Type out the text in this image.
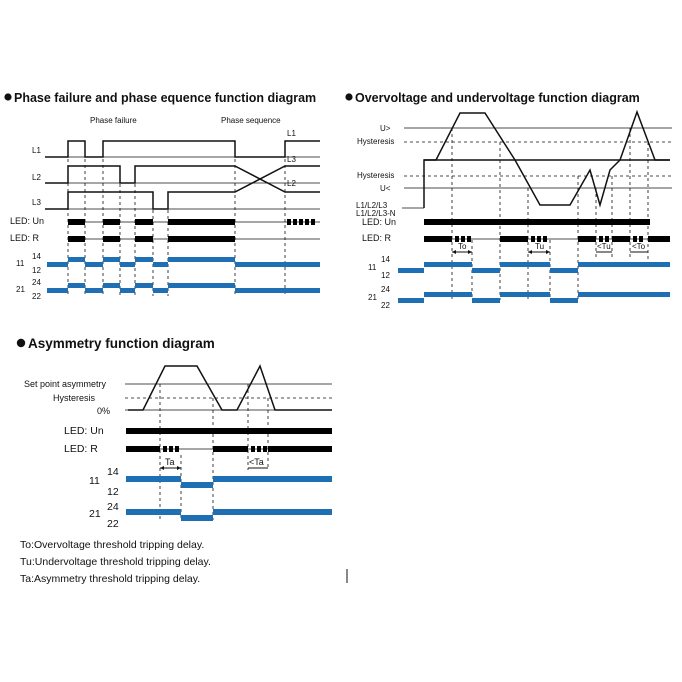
Phase failure and phase equence function diagram
Phase failure	Phase sequence
L1
L2
L3
L1
L3
L2
LED: Un
LED: R
14
11
12
24
21
22
Overvoltage and undervoltage function diagram
U>
Hysteresis
Hysteresis
U<
L1/L2/L3
L1/L2/L3-N
LED: Un
LED: R
To	Tu	<Tu	<To
14
11
12
24
21
22
Asymmetry function diagram
Set point asymmetry
Hysteresis
0%
LED: Un
LED: R
Ta	<Ta
14
11
12
24
21
22
To:Overvoltage threshold tripping delay.
Tu:Undervoltage threshold tripping delay.
Ta:Asymmetry threshold tripping delay.
